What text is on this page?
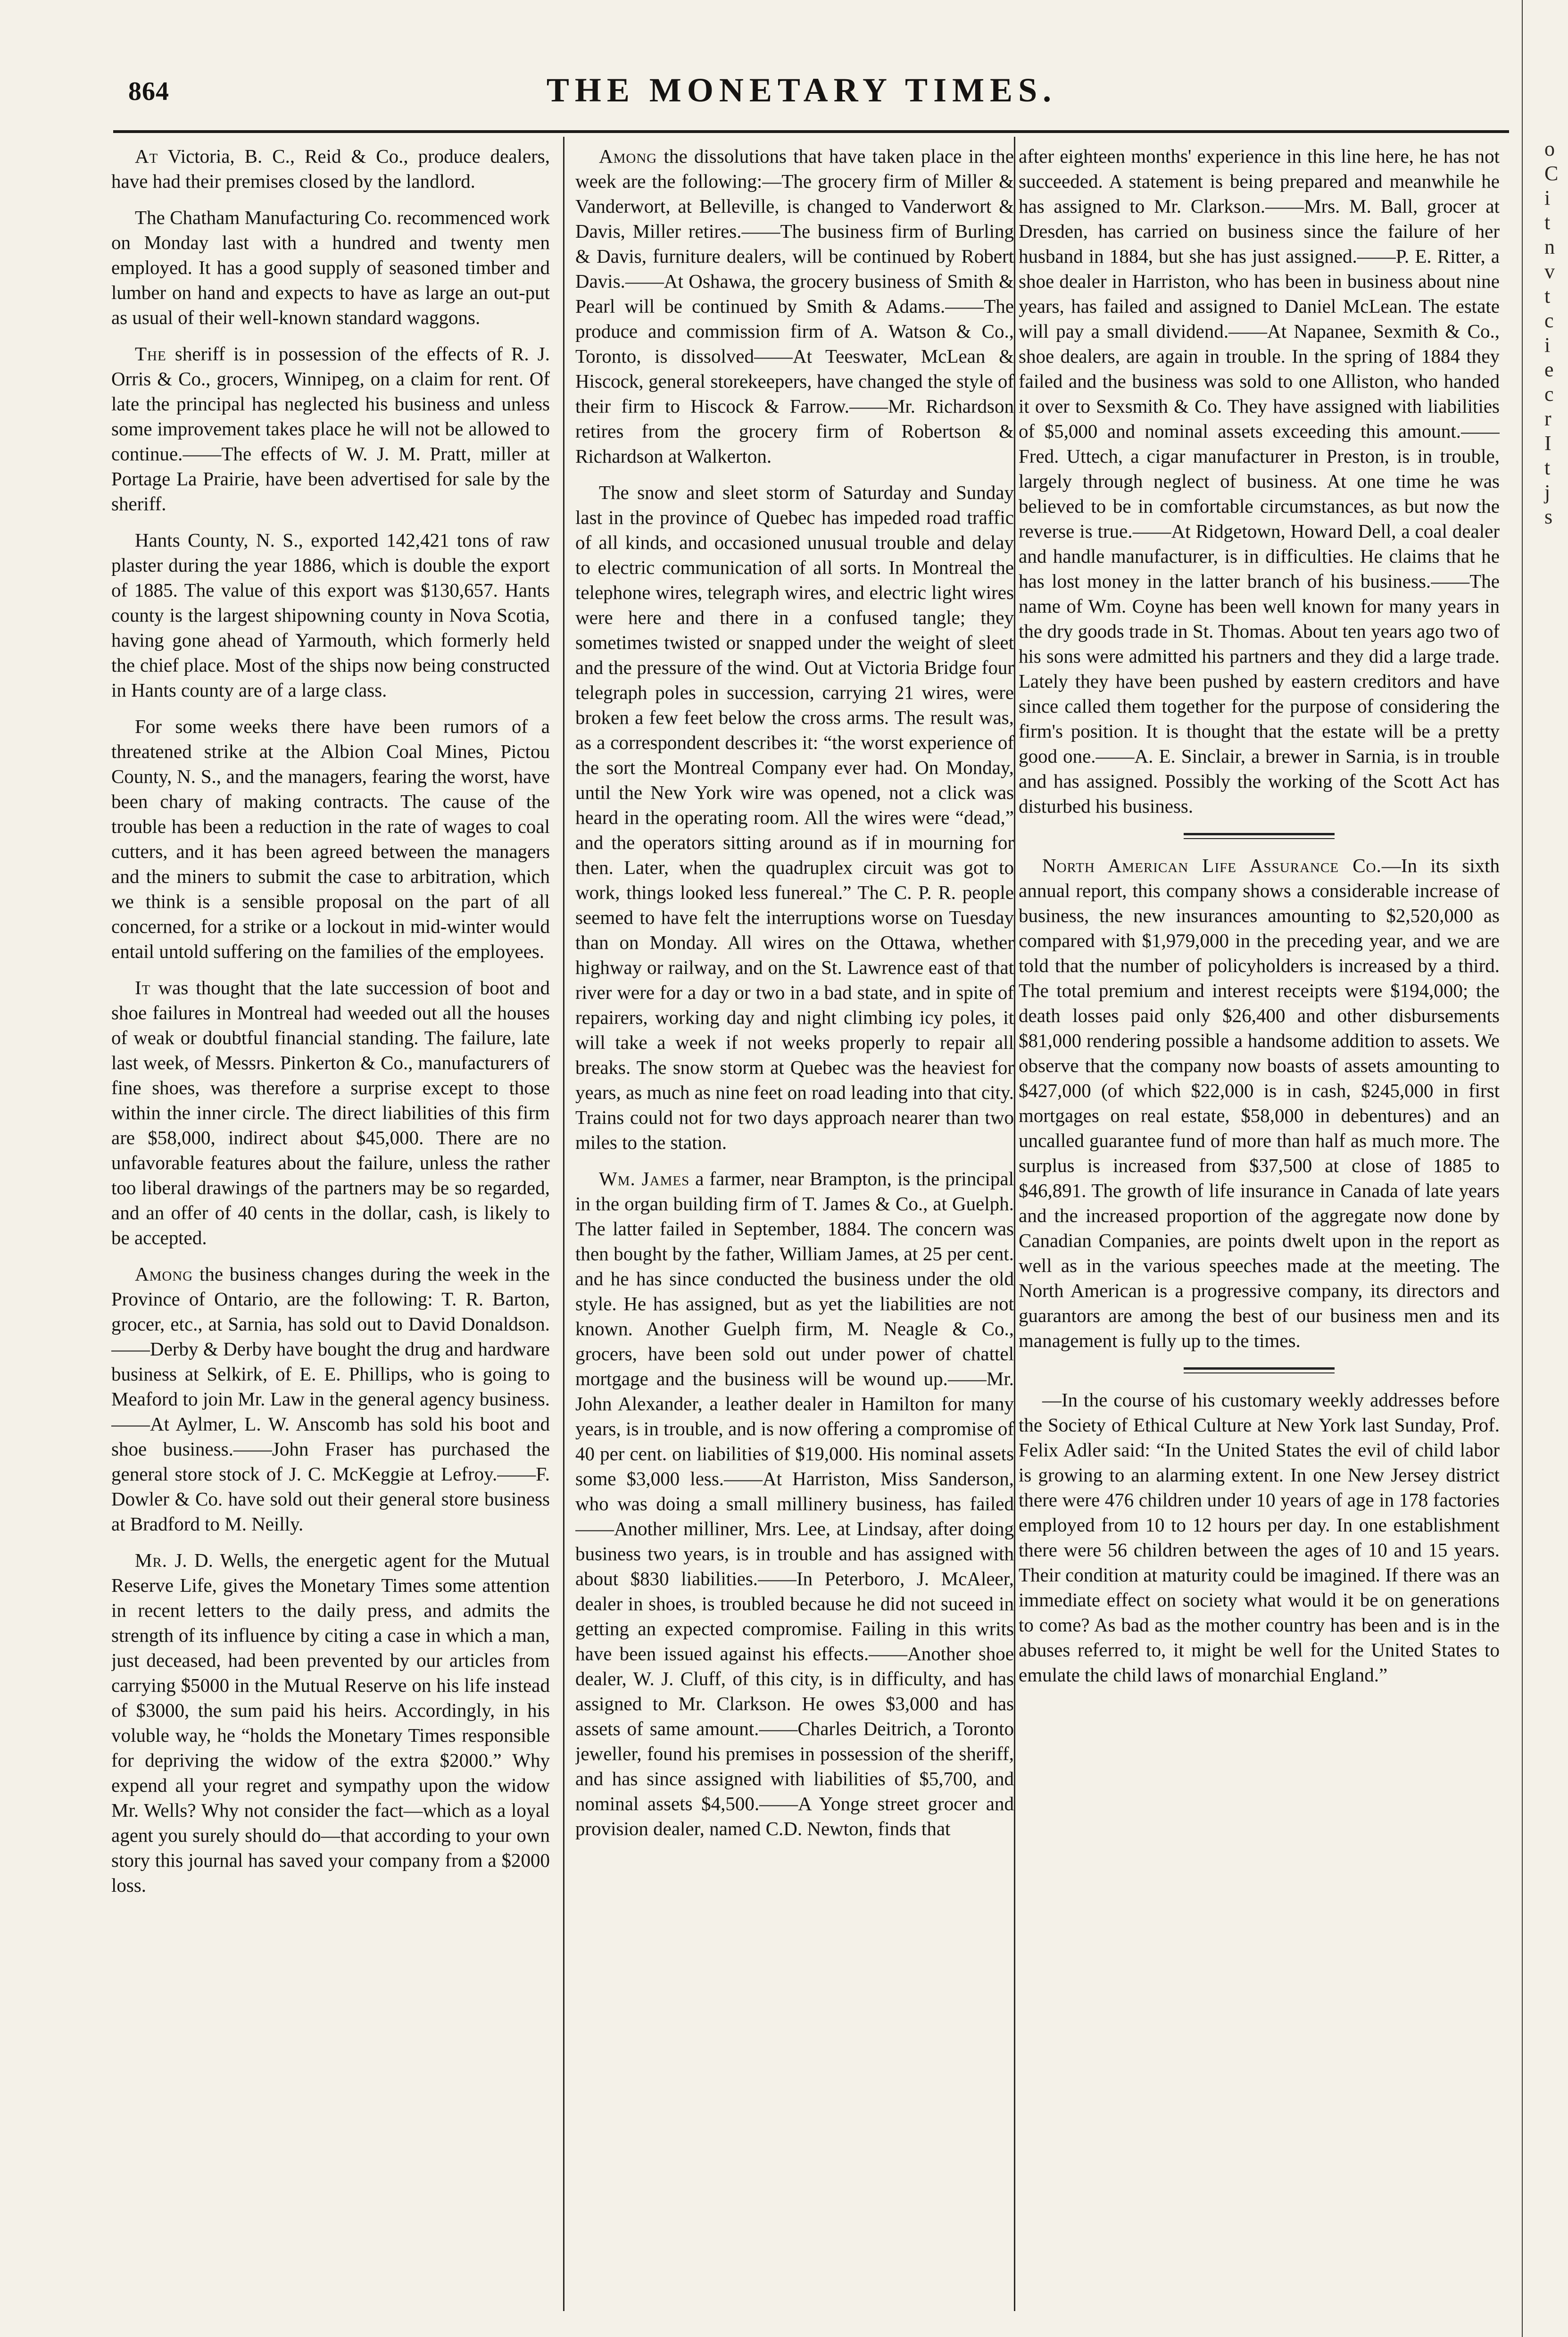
864	THE MONETARY TIMES.

At Victoria, B. C., Reid & Co., produce dealers, have had their premises closed by the landlord.

The Chatham Manufacturing Co. recommenced work on Monday last with a hundred and twenty men employed. It has a good supply of seasoned timber and lumber on hand and expects to have as large an out-put as usual of their well-known standard waggons.

The sheriff is in possession of the effects of R. J. Orris & Co., grocers, Winnipeg, on a claim for rent. Of late the principal has neglected his business and unless some improvement takes place he will not be allowed to continue.——The effects of W. J. M. Pratt, miller at Portage La Prairie, have been advertised for sale by the sheriff.

Hants County, N. S., exported 142,421 tons of raw plaster during the year 1886, which is double the export of 1885. The value of this export was $130,657. Hants county is the largest shipowning county in Nova Scotia, having gone ahead of Yarmouth, which formerly held the chief place. Most of the ships now being constructed in Hants county are of a large class.

For some weeks there have been rumors of a threatened strike at the Albion Coal Mines, Pictou County, N. S., and the managers, fearing the worst, have been chary of making contracts. The cause of the trouble has been a reduction in the rate of wages to coal cutters, and it has been agreed between the managers and the miners to submit the case to arbitration, which we think is a sensible proposal on the part of all concerned, for a strike or a lockout in mid-winter would entail untold suffering on the families of the employees.

It was thought that the late succession of boot and shoe failures in Montreal had weeded out all the houses of weak or doubtful financial standing. The failure, late last week, of Messrs. Pinkerton & Co., manufacturers of fine shoes, was therefore a surprise except to those within the inner circle. The direct liabilities of this firm are $58,000, indirect about $45,000. There are no unfavorable features about the failure, unless the rather too liberal drawings of the partners may be so regarded, and an offer of 40 cents in the dollar, cash, is likely to be accepted.

Among the business changes during the week in the Province of Ontario, are the following: T. R. Barton, grocer, etc., at Sarnia, has sold out to David Donaldson.——Derby & Derby have bought the drug and hardware business at Selkirk, of E. E. Phillips, who is going to Meaford to join Mr. Law in the general agency business.——At Aylmer, L. W. Anscomb has sold his boot and shoe business.——John Fraser has purchased the general store stock of J. C. McKeggie at Lefroy.——F. Dowler & Co. have sold out their general store business at Bradford to M. Neilly.

Mr. J. D. Wells, the energetic agent for the Mutual Reserve Life, gives the Monetary Times some attention in recent letters to the daily press, and admits the strength of its influence by citing a case in which a man, just deceased, had been prevented by our articles from carrying $5000 in the Mutual Reserve on his life instead of $3000, the sum paid his heirs. Accordingly, in his voluble way, he “holds the Monetary Times responsible for depriving the widow of the extra $2000.” Why expend all your regret and sympathy upon the widow Mr. Wells? Why not consider the fact—which as a loyal agent you surely should do—that according to your own story this journal has saved your company from a $2000 loss.

Among the dissolutions that have taken place in the week are the following:—The grocery firm of Miller & Vanderwort, at Belleville, is changed to Vanderwort & Davis, Miller retires.——The business firm of Burling & Davis, furniture dealers, will be continued by Robert Davis.——At Oshawa, the grocery business of Smith & Pearl will be continued by Smith & Adams.——The produce and commission firm of A. Watson & Co., Toronto, is dissolved——At Teeswater, McLean & Hiscock, general storekeepers, have changed the style of their firm to Hiscock & Farrow.——Mr. Richardson retires from the grocery firm of Robertson & Richardson at Walkerton.

The snow and sleet storm of Saturday and Sunday last in the province of Quebec has impeded road traffic of all kinds, and occasioned unusual trouble and delay to electric communication of all sorts. In Montreal the telephone wires, telegraph wires, and electric light wires were here and there in a confused tangle; they sometimes twisted or snapped under the weight of sleet and the pressure of the wind. Out at Victoria Bridge four telegraph poles in succession, carrying 21 wires, were broken a few feet below the cross arms. The result was, as a correspondent describes it: “the worst experience of the sort the Montreal Company ever had. On Monday, until the New York wire was opened, not a click was heard in the operating room. All the wires were “dead,” and the operators sitting around as if in mourning for then. Later, when the quadruplex circuit was got to work, things looked less funereal.” The C. P. R. people seemed to have felt the interruptions worse on Tuesday than on Monday. All wires on the Ottawa, whether highway or railway, and on the St. Lawrence east of that river were for a day or two in a bad state, and in spite of repairers, working day and night climbing icy poles, it will take a week if not weeks properly to repair all breaks. The snow storm at Quebec was the heaviest for years, as much as nine feet on road leading into that city. Trains could not for two days approach nearer than two miles to the station.

Wm. James a farmer, near Brampton, is the principal in the organ building firm of T. James & Co., at Guelph. The latter failed in September, 1884. The concern was then bought by the father, William James, at 25 per cent. and he has since conducted the business under the old style. He has assigned, but as yet the liabilities are not known. Another Guelph firm, M. Neagle & Co., grocers, have been sold out under power of chattel mortgage and the business will be wound up.——Mr. John Alexander, a leather dealer in Hamilton for many years, is in trouble, and is now offering a compromise of 40 per cent. on liabilities of $19,000. His nominal assets some $3,000 less.——At Harriston, Miss Sanderson, who was doing a small millinery business, has failed——Another milliner, Mrs. Lee, at Lindsay, after doing business two years, is in trouble and has assigned with about $830 liabilities.——In Peterboro, J. McAleer, dealer in shoes, is troubled because he did not suceed in getting an expected compromise. Failing in this writs have been issued against his effects.——Another shoe dealer, W. J. Cluff, of this city, is in difficulty, and has assigned to Mr. Clarkson. He owes $3,000 and has assets of same amount.——Charles Deitrich, a Toronto jeweller, found his premises in possession of the sheriff, and has since assigned with liabilities of $5,700, and nominal assets $4,500.——A Yonge street grocer and provision dealer, named C.D. Newton, finds that

after eighteen months' experience in this line here, he has not succeeded. A statement is being prepared and meanwhile he has assigned to Mr. Clarkson.——Mrs. M. Ball, grocer at Dresden, has carried on business since the failure of her husband in 1884, but she has just assigned.——P. E. Ritter, a shoe dealer in Harriston, who has been in business about nine years, has failed and assigned to Daniel McLean. The estate will pay a small dividend.——At Napanee, Sexmith & Co., shoe dealers, are again in trouble. In the spring of 1884 they failed and the business was sold to one Alliston, who handed it over to Sexsmith & Co. They have assigned with liabilities of $5,000 and nominal assets exceeding this amount.——Fred. Uttech, a cigar manufacturer in Preston, is in trouble, largely through neglect of business. At one time he was believed to be in comfortable circumstances, as but now the reverse is true.——At Ridgetown, Howard Dell, a coal dealer and handle manufacturer, is in difficulties. He claims that he has lost money in the latter branch of his business.——The name of Wm. Coyne has been well known for many years in the dry goods trade in St. Thomas. About ten years ago two of his sons were admitted his partners and they did a large trade. Lately they have been pushed by eastern creditors and have since called them together for the purpose of considering the firm's position. It is thought that the estate will be a pretty good one.——A. E. Sinclair, a brewer in Sarnia, is in trouble and has assigned. Possibly the working of the Scott Act has disturbed his business.

North American Life Assurance Co.—In its sixth annual report, this company shows a considerable increase of business, the new insurances amounting to $2,520,000 as compared with $1,979,000 in the preceding year, and we are told that the number of policyholders is increased by a third. The total premium and interest receipts were $194,000; the death losses paid only $26,400 and other disbursements $81,000 rendering possible a handsome addition to assets. We observe that the company now boasts of assets amounting to $427,000 (of which $22,000 is in cash, $245,000 in first mortgages on real estate, $58,000 in debentures) and an uncalled guarantee fund of more than half as much more. The surplus is increased from $37,500 at close of 1885 to $46,891. The growth of life insurance in Canada of late years and the increased proportion of the aggregate now done by Canadian Companies, are points dwelt upon in the report as well as in the various speeches made at the meeting. The North American is a progressive company, its directors and guarantors are among the best of our business men and its management is fully up to the times.

—In the course of his customary weekly addresses before the Society of Ethical Culture at New York last Sunday, Prof. Felix Adler said: “In the United States the evil of child labor is growing to an alarming extent. In one New Jersey district there were 476 children under 10 years of age in 178 factories employed from 10 to 12 hours per day. In one establishment there were 56 children between the ages of 10 and 15 years. Their condition at maturity could be imagined. If there was an immediate effect on society what would it be on generations to come? As bad as the mother country has been and is in the abuses referred to, it might be well for the United States to emulate the child laws of monarchial England.”

o
C
i
t
n
v
t
c
i
e
c
r
I
t
j
s
